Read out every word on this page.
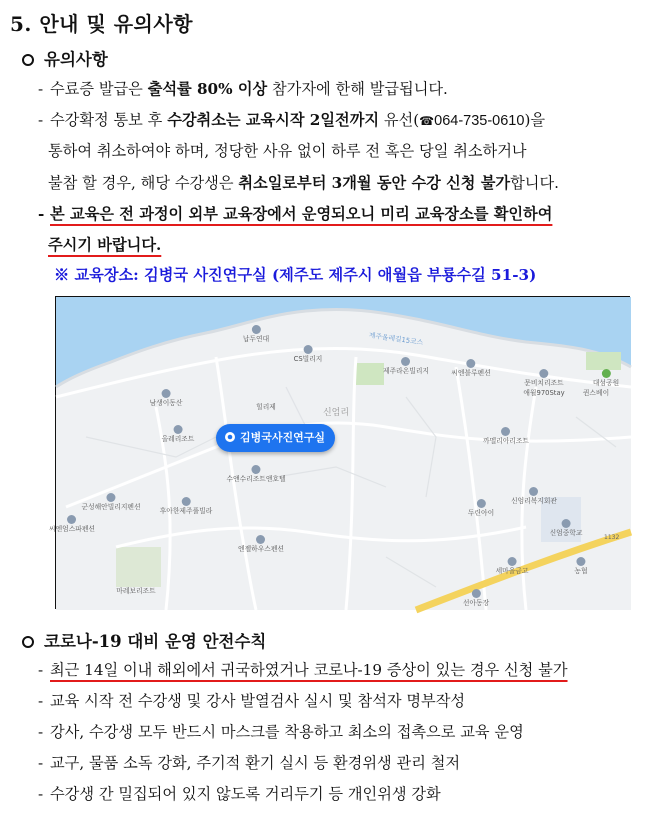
5. 안내 및 유의사항
유의사항
- 수료증 발급은 출석률 80% 이상 참가자에 한해 발급됩니다.
- 수강확정 통보 후 수강취소는 교육시작 2일전까지 유선(☎064-735-0610)을
통하여 취소하여야 하며, 정당한 사유 없이 하루 전 혹은 당일 취소하거나
불참 할 경우, 해당 수강생은 취소일로부터 3개월 동안 수강 신청 불가합니다.
- 본 교육은 전 과정이 외부 교육장에서 운영되오니 미리 교육장소를 확인하여
주시기 바랍니다.
※ 교육장소: 김병국 사진연구실 (제주도 제주시 애월읍 부룡수길 51-3)
1132
납두연대
CS빌리지
제주라온빌리지	씨엔블루펜션
문비치리조트	대섬공원
애월970Stay	퀸스베이
남생이동산	힐리제
신엄리
올레리조트	까멜리아리조트
수앤수리조트앤호텔
군성해안빌리지펜션	후아한제주풀빌라
씨엔엄스파펜션
신엄리복지회관
두린아이
엔젤하우스펜션
신엄중학교
세마을금고	농협
마레보리조트
선아동장
제주올레길15코스
김병국사진연구실
코로나-19 대비 운영 안전수칙
- 최근 14일 이내 해외에서 귀국하였거나 코로나-19 증상이 있는 경우 신청 불가
- 교육 시작 전 수강생 및 강사 발열검사 실시 및 참석자 명부작성
- 강사, 수강생 모두 반드시 마스크를 착용하고 최소의 접촉으로 교육 운영
- 교구, 물품 소독 강화, 주기적 환기 실시 등 환경위생 관리 철저
- 수강생 간 밀집되어 있지 않도록 거리두기 등 개인위생 강화
